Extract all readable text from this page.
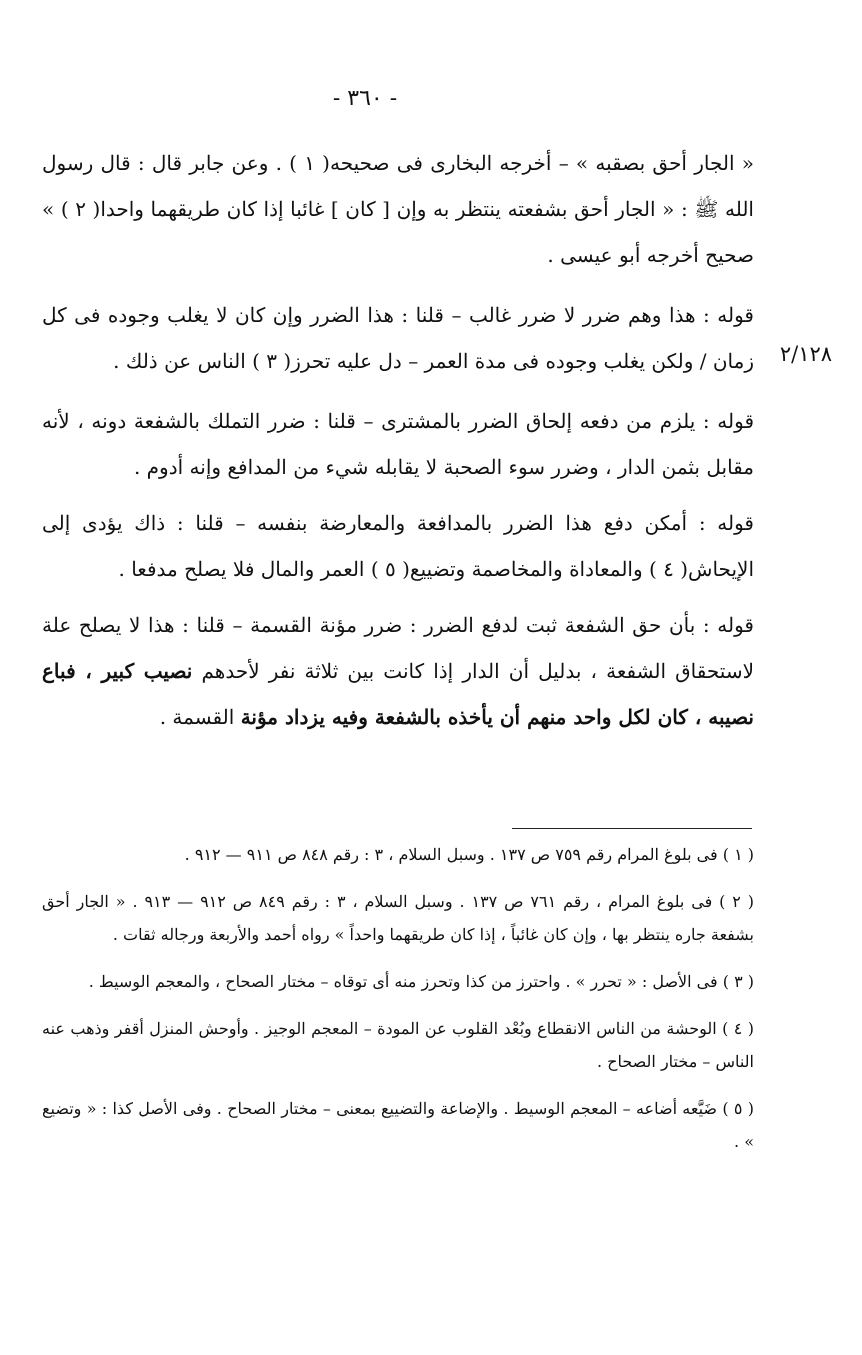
- ٣٦٠ -
٢/١٢٨

« الجار أحق بصقبه » – أخرجه البخارى فى صحيحه( ١ ) . وعن جابر قال : قال رسول الله ﷺ : « الجار أحق بشفعته ينتظر به وإن [ كان ] غائبا إذا كان طريقهما واحدا( ٢ ) » صحيح أخرجه أبو عيسى .

قوله : هذا وهم ضرر لا ضرر غالب – قلنا : هذا الضرر وإن كان لا يغلب وجوده فى كل زمان / ولكن يغلب وجوده فى مدة العمر – دل عليه تحرز( ٣ ) الناس عن ذلك .

قوله : يلزم من دفعه إلحاق الضرر بالمشترى – قلنا : ضرر التملك بالشفعة دونه ، لأنه مقابل بثمن الدار ، وضرر سوء الصحبة لا يقابله شيء من المدافع وإنه أدوم .

قوله : أمكن دفع هذا الضرر بالمدافعة والمعارضة بنفسه – قلنا : ذاك يؤدى إلى الإيحاش( ٤ ) والمعاداة والمخاصمة وتضييع( ٥ ) العمر والمال فلا يصلح مدفعا .

قوله : بأن حق الشفعة ثبت لدفع الضرر : ضرر مؤنة القسمة – قلنا : هذا لا يصلح علة لاستحقاق الشفعة ، بدليل أن الدار إذا كانت بين ثلاثة نفر لأحدهم نصيب كبير ، فباع نصيبه ، كان لكل واحد منهم أن يأخذه بالشفعة وفيه يزداد مؤنة القسمة .

( ١ ) فى بلوغ المرام رقم ٧٥٩ ص ١٣٧ . وسبل السلام ، ٣ : رقم ٨٤٨ ص ٩١١ — ٩١٢ .

( ٢ ) فى بلوغ المرام ، رقم ٧٦١ ص ١٣٧ . وسبل السلام ، ٣ : رقم ٨٤٩ ص ٩١٢ — ٩١٣ . « الجار أحق بشفعة جاره ينتظر بها ، وإن كان غائباً ، إذا كان طريقهما واحداً » رواه أحمد والأربعة ورجاله ثقات .

( ٣ ) فى الأصل : « تحرر » . واحترز من كذا وتحرز منه أى توقاه – مختار الصحاح ، والمعجم الوسيط .

( ٤ ) الوحشة من الناس الانقطاع وبُعْد القلوب عن المودة – المعجم الوجيز . وأوحش المنزل أقفر وذهب عنه الناس – مختار الصحاح .

( ٥ ) ضَيَّعه أضاعه – المعجم الوسيط . والإضاعة والتضييع بمعنى – مختار الصحاح . وفى الأصل كذا : « وتضيع » .
